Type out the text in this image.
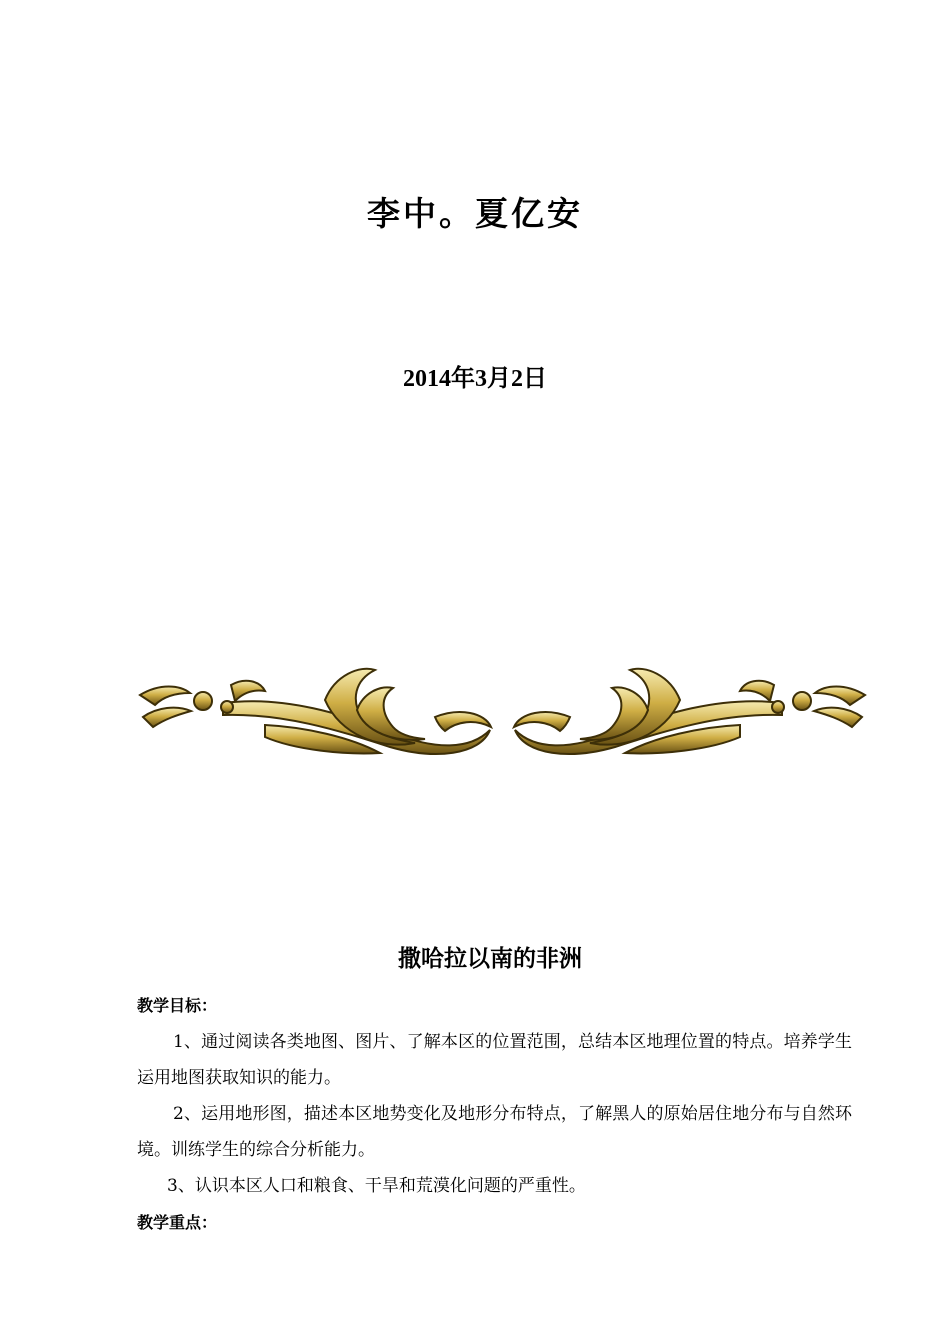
李中。夏亿安
2014年3月2日
撒哈拉以南的非洲
教学目标：
1、通过阅读各类地图、图片、了解本区的位置范围，总结本区地理位置的特点。培养学生运用地图获取知识的能力。
2、运用地形图，描述本区地势变化及地形分布特点，了解黑人的原始居住地分布与自然环境。训练学生的综合分析能力。
3、认识本区人口和粮食、干旱和荒漠化问题的严重性。
教学重点：
